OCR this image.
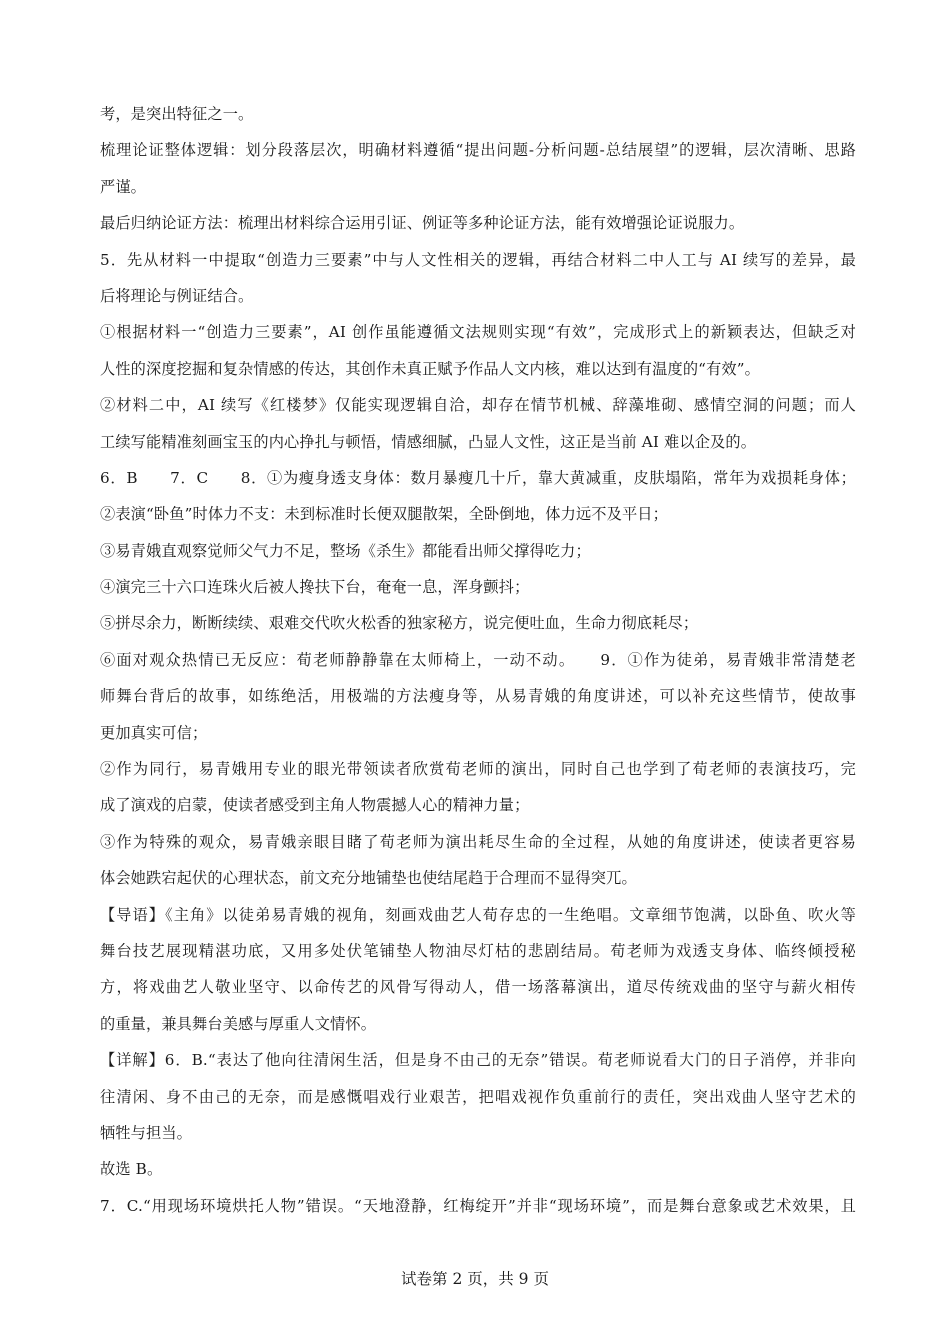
考，是突出特征之一。
梳理论证整体逻辑：划分段落层次，明确材料遵循“提出问题-分析问题-总结展望”的逻辑，层次清晰、思路
严谨。
最后归纳论证方法：梳理出材料综合运用引证、例证等多种论证方法，能有效增强论证说服力。
5．先从材料一中提取“创造力三要素”中与人文性相关的逻辑，再结合材料二中人工与 AI 续写的差异，最
后将理论与例证结合。
①根据材料一“创造力三要素”，AI 创作虽能遵循文法规则实现“有效”，完成形式上的新颖表达，但缺乏对
人性的深度挖掘和复杂情感的传达，其创作未真正赋予作品人文内核，难以达到有温度的“有效”。
②材料二中，AI 续写《红楼梦》仅能实现逻辑自洽，却存在情节机械、辞藻堆砌、感情空洞的问题；而人
工续写能精准刻画宝玉的内心挣扎与顿悟，情感细腻，凸显人文性，这正是当前 AI 难以企及的。
6．B　　7．C　　8．①为瘦身透支身体：数月暴瘦几十斤，靠大黄减重，皮肤塌陷，常年为戏损耗身体；
②表演“卧鱼”时体力不支：未到标准时长便双腿散架，全卧倒地，体力远不及平日；
③易青娥直观察觉师父气力不足，整场《杀生》都能看出师父撑得吃力；
④演完三十六口连珠火后被人搀扶下台，奄奄一息，浑身颤抖；
⑤拼尽余力，断断续续、艰难交代吹火松香的独家秘方，说完便吐血，生命力彻底耗尽；
⑥面对观众热情已无反应：荀老师静静靠在太师椅上，一动不动。　　9．①作为徒弟，易青娥非常清楚老
师舞台背后的故事，如练绝活，用极端的方法瘦身等，从易青娥的角度讲述，可以补充这些情节，使故事
更加真实可信；
②作为同行，易青娥用专业的眼光带领读者欣赏荀老师的演出，同时自己也学到了荀老师的表演技巧，完
成了演戏的启蒙，使读者感受到主角人物震撼人心的精神力量；
③作为特殊的观众，易青娥亲眼目睹了荀老师为演出耗尽生命的全过程，从她的角度讲述，使读者更容易
体会她跌宕起伏的心理状态，前文充分地铺垫也使结尾趋于合理而不显得突兀。
【导语】《主角》以徒弟易青娥的视角，刻画戏曲艺人荀存忠的一生绝唱。文章细节饱满，以卧鱼、吹火等
舞台技艺展现精湛功底，又用多处伏笔铺垫人物油尽灯枯的悲剧结局。荀老师为戏透支身体、临终倾授秘
方，将戏曲艺人敬业坚守、以命传艺的风骨写得动人，借一场落幕演出，道尽传统戏曲的坚守与薪火相传
的重量，兼具舞台美感与厚重人文情怀。
【详解】6．B.“表达了他向往清闲生活，但是身不由己的无奈”错误。荀老师说看大门的日子消停，并非向
往清闲、身不由己的无奈，而是感慨唱戏行业艰苦，把唱戏视作负重前行的责任，突出戏曲人坚守艺术的
牺牲与担当。
故选 B。
7．C.“用现场环境烘托人物”错误。“天地澄静，红梅绽开”并非“现场环境”，而是舞台意象或艺术效果，且
试卷第 2 页，共 9 页
